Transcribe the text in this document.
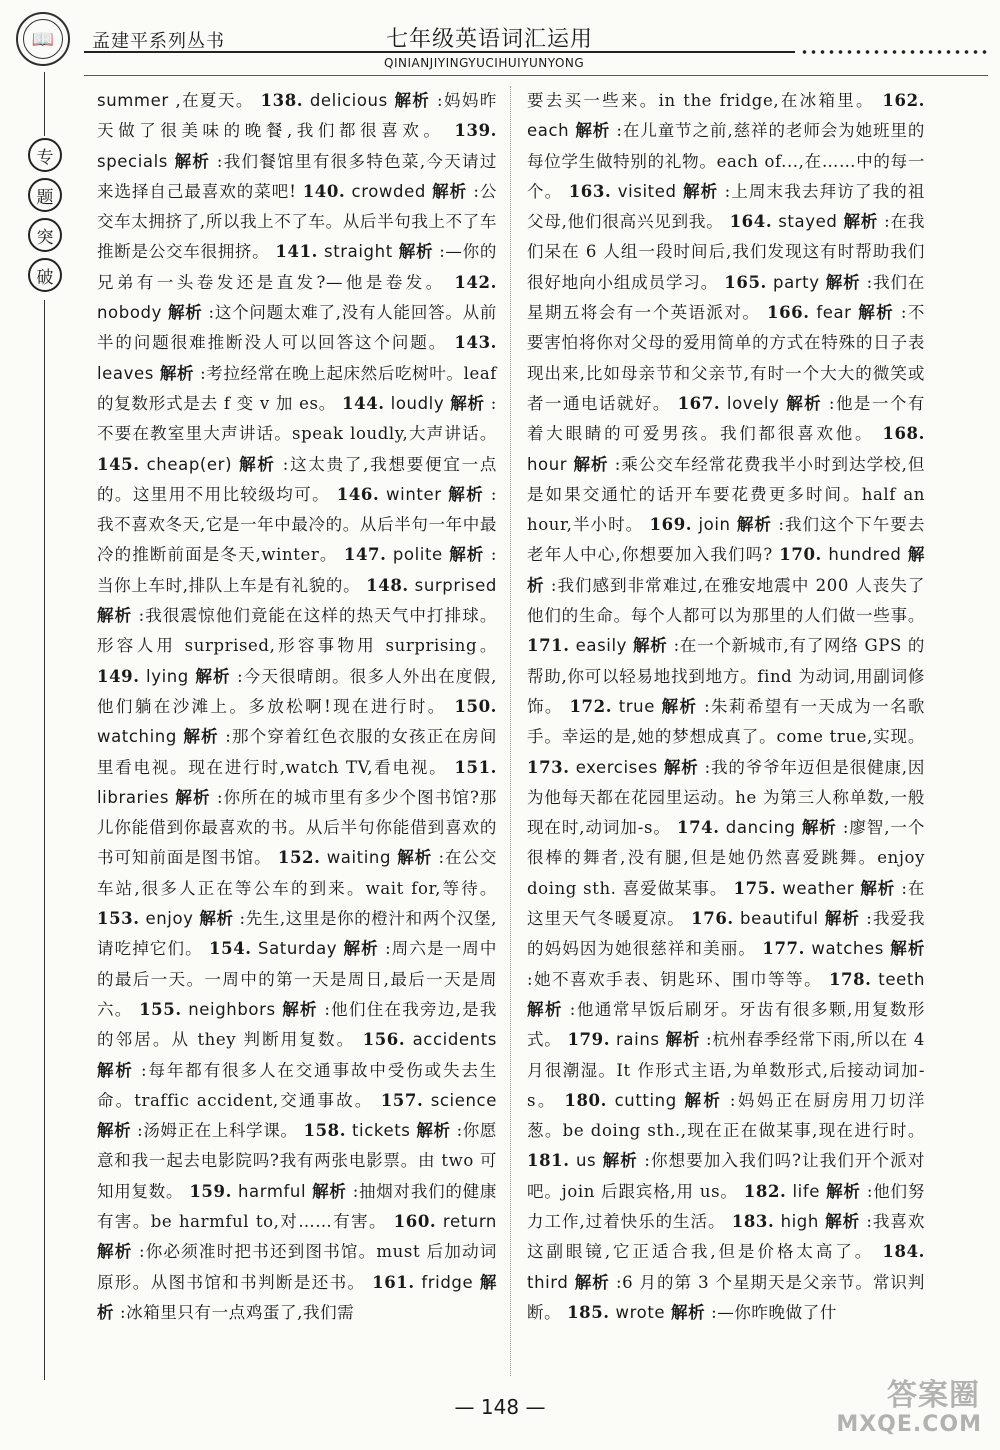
📖	孟建平系列丛书	七年级英语词汇运用
QINIANJIYINGYUCIHUIYUNYONG
专
题
突
破
summer ,在夏天。 138. delicious 解析 :妈妈昨天做了很美味的晚餐,我们都很喜欢。 139. specials 解析 :我们餐馆里有很多特色菜,今天请过来选择自己最喜欢的菜吧! 140. crowded 解析 :公交车太拥挤了,所以我上不了车。从后半句我上不了车推断是公交车很拥挤。 141. straight 解析 :—你的兄弟有一头卷发还是直发?—他是卷发。 142. nobody 解析 :这个问题太难了,没有人能回答。从前半的问题很难推断没人可以回答这个问题。 143. leaves 解析 :考拉经常在晚上起床然后吃树叶。leaf 的复数形式是去 f 变 v 加 es。 144. loudly 解析 :不要在教室里大声讲话。speak loudly,大声讲话。 145. cheap(er) 解析 :这太贵了,我想要便宜一点的。这里用不用比较级均可。 146. winter 解析 :我不喜欢冬天,它是一年中最冷的。从后半句一年中最冷的推断前面是冬天,winter。 147. polite 解析 :当你上车时,排队上车是有礼貌的。 148. surprised 解析 :我很震惊他们竟能在这样的热天气中打排球。形容人用 surprised,形容事物用 surprising。 149. lying 解析 :今天很晴朗。很多人外出在度假,他们躺在沙滩上。多放松啊!现在进行时。 150. watching 解析 :那个穿着红色衣服的女孩正在房间里看电视。现在进行时,watch TV,看电视。 151. libraries 解析 :你所在的城市里有多少个图书馆?那儿你能借到你最喜欢的书。从后半句你能借到喜欢的书可知前面是图书馆。 152. waiting 解析 :在公交车站,很多人正在等公车的到来。wait for,等待。 153. enjoy 解析 :先生,这里是你的橙汁和两个汉堡,请吃掉它们。 154. Saturday 解析 :周六是一周中的最后一天。一周中的第一天是周日,最后一天是周六。 155. neighbors 解析 :他们住在我旁边,是我的邻居。从 they 判断用复数。 156. accidents 解析 :每年都有很多人在交通事故中受伤或失去生命。traffic accident,交通事故。 157. science 解析 :汤姆正在上科学课。 158. tickets 解析 :你愿意和我一起去电影院吗?我有两张电影票。由 two 可知用复数。 159. harmful 解析 :抽烟对我们的健康有害。be harmful to,对……有害。 160. return 解析 :你必须准时把书还到图书馆。must 后加动词原形。从图书馆和书判断是还书。 161. fridge 解析 :冰箱里只有一点鸡蛋了,我们需
要去买一些来。in the fridge,在冰箱里。 162. each 解析 :在儿童节之前,慈祥的老师会为她班里的每位学生做特别的礼物。each of...,在……中的每一个。 163. visited 解析 :上周末我去拜访了我的祖父母,他们很高兴见到我。 164. stayed 解析 :在我们呆在 6 人组一段时间后,我们发现这有时帮助我们很好地向小组成员学习。 165. party 解析 :我们在星期五将会有一个英语派对。 166. fear 解析 :不要害怕将你对父母的爱用简单的方式在特殊的日子表现出来,比如母亲节和父亲节,有时一个大大的微笑或者一通电话就好。 167. lovely 解析 :他是一个有着大眼睛的可爱男孩。我们都很喜欢他。 168. hour 解析 :乘公交车经常花费我半小时到达学校,但是如果交通忙的话开车要花费更多时间。half an hour,半小时。 169. join 解析 :我们这个下午要去老年人中心,你想要加入我们吗? 170. hundred 解析 :我们感到非常难过,在雅安地震中 200 人丧失了他们的生命。每个人都可以为那里的人们做一些事。 171. easily 解析 :在一个新城市,有了网络 GPS 的帮助,你可以轻易地找到地方。find 为动词,用副词修饰。 172. true 解析 :朱莉希望有一天成为一名歌手。幸运的是,她的梦想成真了。come true,实现。 173. exercises 解析 :我的爷爷年迈但是很健康,因为他每天都在花园里运动。he 为第三人称单数,一般现在时,动词加-s。 174. dancing 解析 :廖智,一个很棒的舞者,没有腿,但是她仍然喜爱跳舞。enjoy doing sth. 喜爱做某事。 175. weather 解析 :在这里天气冬暖夏凉。 176. beautiful 解析 :我爱我的妈妈因为她很慈祥和美丽。 177. watches 解析 :她不喜欢手表、钥匙环、围巾等等。 178. teeth 解析 :他通常早饭后刷牙。牙齿有很多颗,用复数形式。 179. rains 解析 :杭州春季经常下雨,所以在 4 月很潮湿。It 作形式主语,为单数形式,后接动词加-s。 180. cutting 解析 :妈妈正在厨房用刀切洋葱。be doing sth.,现在正在做某事,现在进行时。 181. us 解析 :你想要加入我们吗?让我们开个派对吧。join 后跟宾格,用 us。 182. life 解析 :他们努力工作,过着快乐的生活。 183. high 解析 :我喜欢这副眼镜,它正适合我,但是价格太高了。 184. third 解析 :6 月的第 3 个星期天是父亲节。常识判断。 185. wrote 解析 :—你昨晚做了什
— 148 —	答案圈
MXQE.COM
